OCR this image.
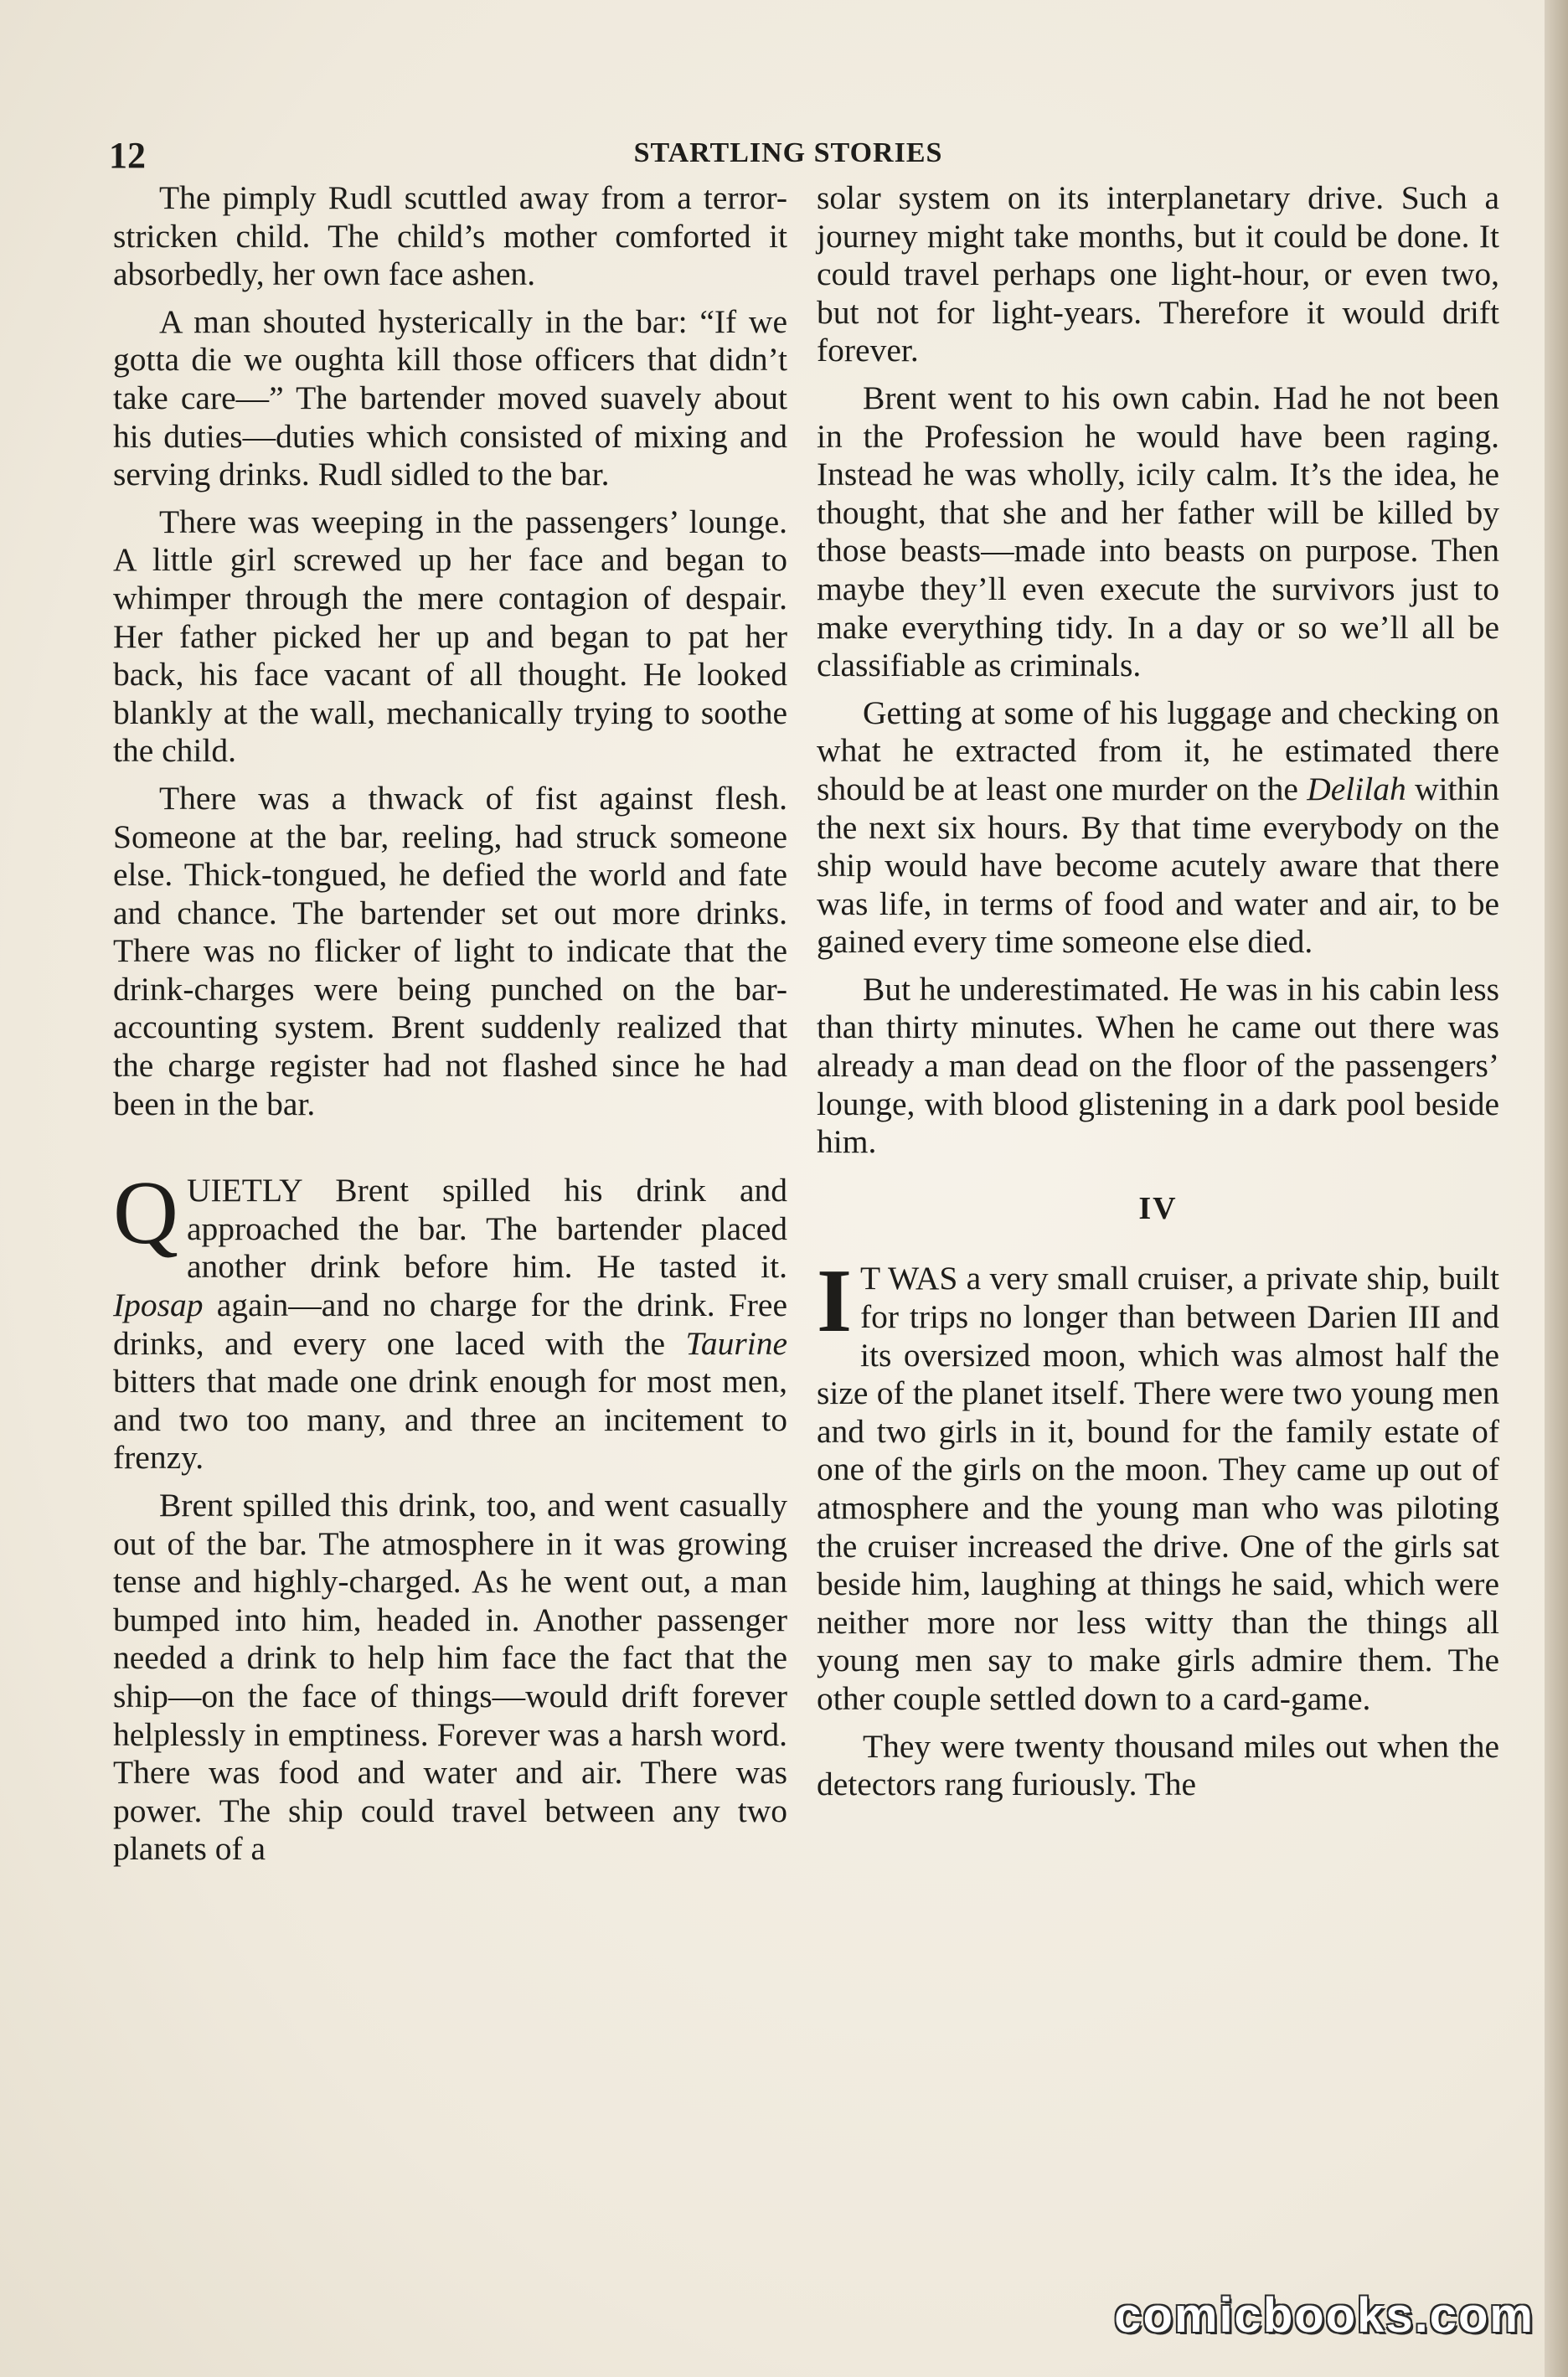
12	STARTLING STORIES

The pimply Rudl scuttled away from a terror-stricken child. The child’s mother comforted it absorbedly, her own face ashen.

A man shouted hysterically in the bar: “If we gotta die we oughta kill those officers that didn’t take care—” The bartender moved suavely about his duties—duties which consisted of mixing and serving drinks. Rudl sidled to the bar.

There was weeping in the passengers’ lounge. A little girl screwed up her face and began to whimper through the mere contagion of despair. Her father picked her up and began to pat her back, his face vacant of all thought. He looked blankly at the wall, mechanically trying to soothe the child.

There was a thwack of fist against flesh. Someone at the bar, reeling, had struck someone else. Thick-tongued, he defied the world and fate and chance. The bartender set out more drinks. There was no flicker of light to indicate that the drink-charges were being punched on the bar-accounting system. Brent suddenly realized that the charge register had not flashed since he had been in the bar.

QUIETLY Brent spilled his drink and approached the bar. The bartender placed another drink before him. He tasted it. Iposap again—and no charge for the drink. Free drinks, and every one laced with the Taurine bitters that made one drink enough for most men, and two too many, and three an incitement to frenzy.

Brent spilled this drink, too, and went casually out of the bar. The atmosphere in it was growing tense and highly-charged. As he went out, a man bumped into him, headed in. Another passenger needed a drink to help him face the fact that the ship—on the face of things—would drift forever helplessly in emptiness. Forever was a harsh word. There was food and water and air. There was power. The ship could travel between any two planets of a

solar system on its interplanetary drive. Such a journey might take months, but it could be done. It could travel perhaps one light-hour, or even two, but not for light-years. Therefore it would drift forever.

Brent went to his own cabin. Had he not been in the Profession he would have been raging. Instead he was wholly, icily calm. It’s the idea, he thought, that she and her father will be killed by those beasts—made into beasts on purpose. Then maybe they’ll even execute the survivors just to make everything tidy. In a day or so we’ll all be classifiable as criminals.

Getting at some of his luggage and checking on what he extracted from it, he estimated there should be at least one murder on the Delilah within the next six hours. By that time everybody on the ship would have become acutely aware that there was life, in terms of food and water and air, to be gained every time someone else died.

But he underestimated. He was in his cabin less than thirty minutes. When he came out there was already a man dead on the floor of the passengers’ lounge, with blood glistening in a dark pool beside him.

IV

I T WAS a very small cruiser, a private ship, built for trips no longer than between Darien III and its oversized moon, which was almost half the size of the planet itself. There were two young men and two girls in it, bound for the family estate of one of the girls on the moon. They came up out of atmosphere and the young man who was piloting the cruiser increased the drive. One of the girls sat beside him, laughing at things he said, which were neither more nor less witty than the things all young men say to make girls admire them. The other couple settled down to a card-game.

They were twenty thousand miles out when the detectors rang furiously. The

comicbooks.com
